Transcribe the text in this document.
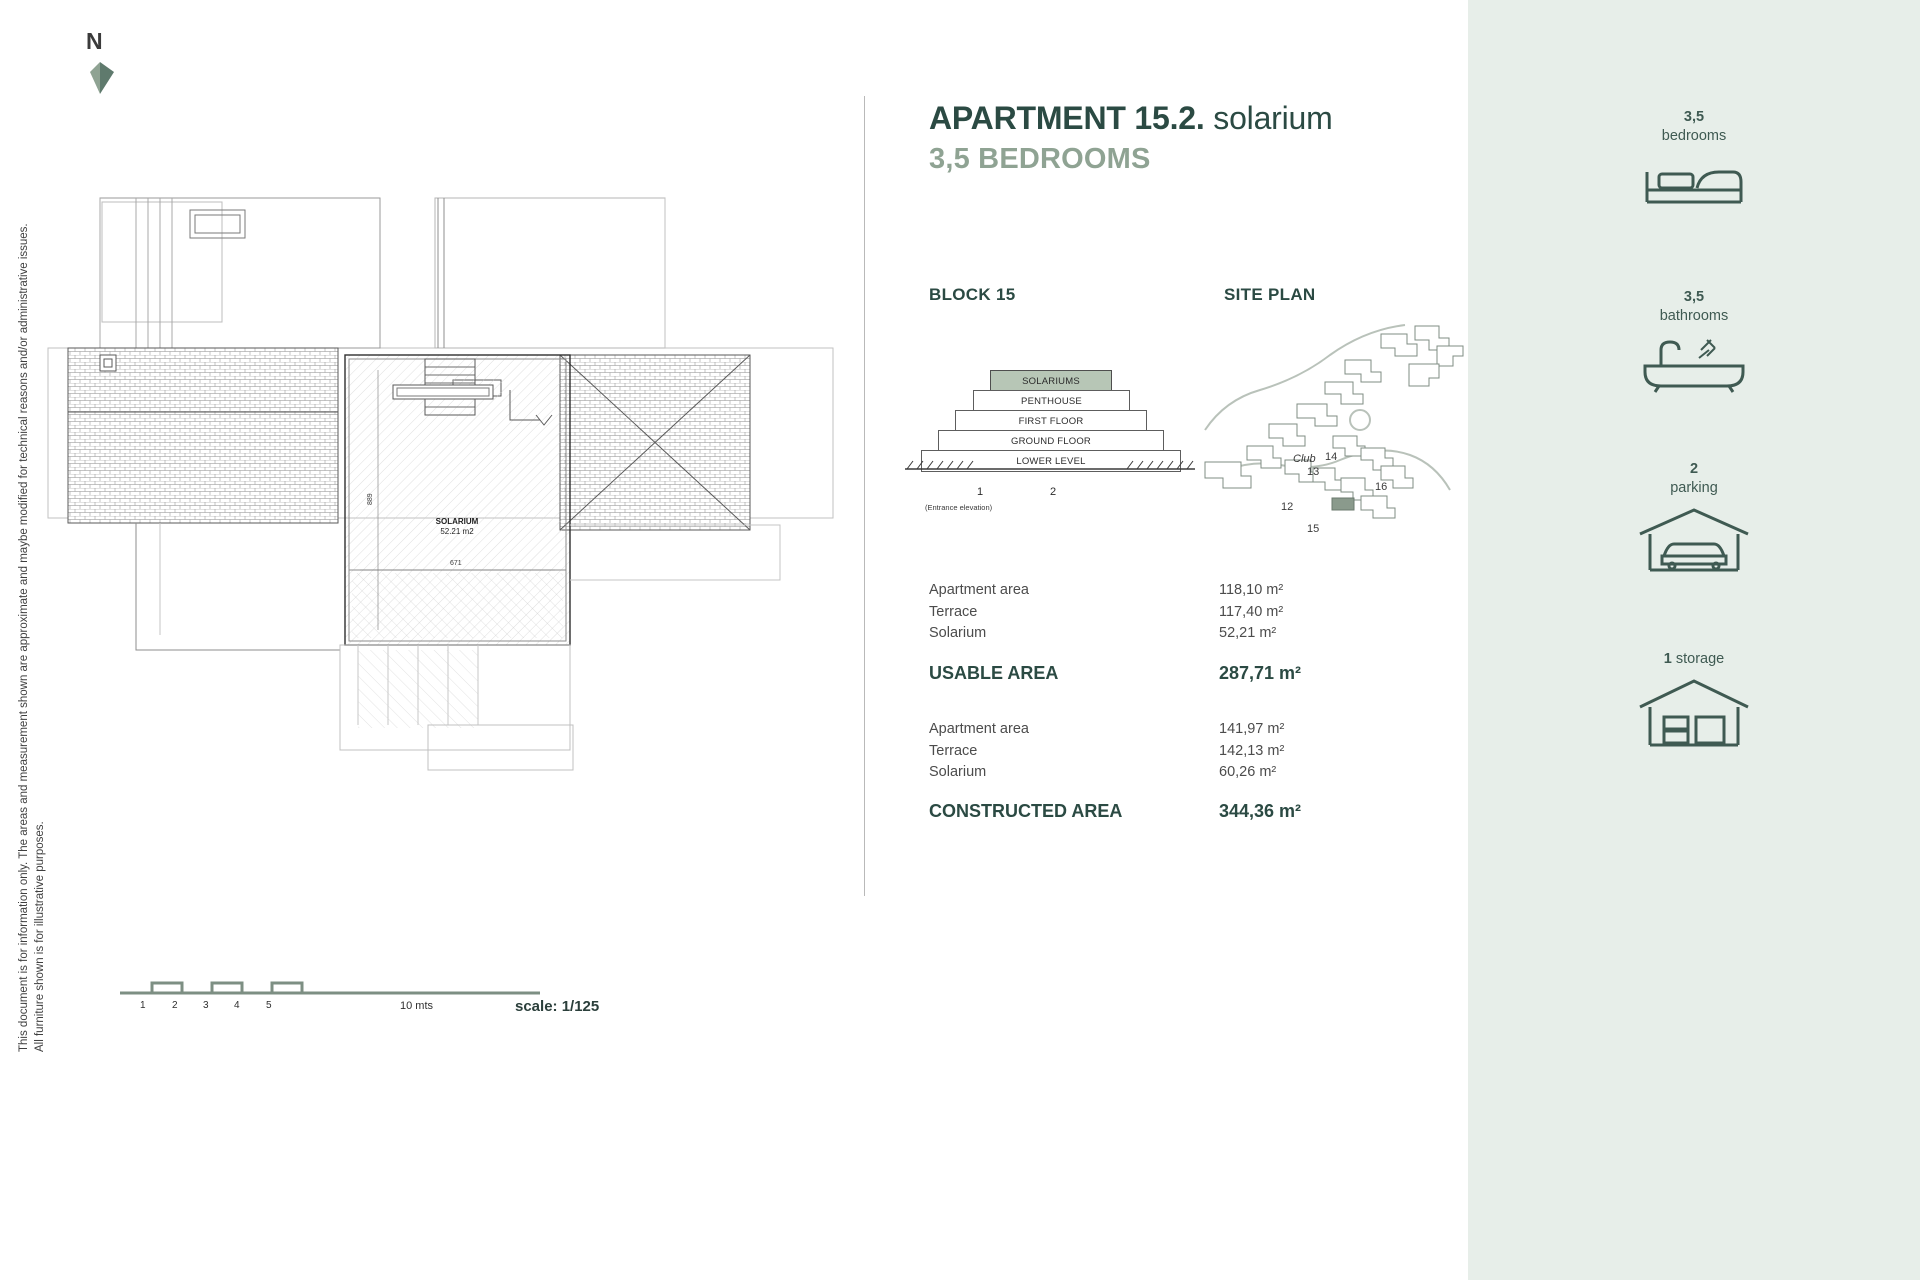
This document is for information only. The areas and measurement shown are approximate and maybe modified for technical reasons and/or administrative issues. All furniture shown is for illustrative purposes.
N
889
671
SOLARIUM
52.21 m2
1	2	3	4	5	10 mts	scale: 1/125
APARTMENT 15.2. solarium
3,5 BEDROOMS
BLOCK 15
SOLARIUMS
PENTHOUSE
FIRST FLOOR
GROUND FLOOR
LOWER LEVEL
1	2
(Entrance elevation)
SITE PLAN
Club 14
13
16
12
15
Apartment area	118,10 m²
Terrace	117,40 m²
Solarium	52,21 m²
USABLE AREA	287,71 m²
Apartment area	141,97 m²
Terrace	142,13 m²
Solarium	60,26 m²
CONSTRUCTED AREA	344,36 m²
3,5
bedrooms
3,5
bathrooms
2
parking
1 storage
